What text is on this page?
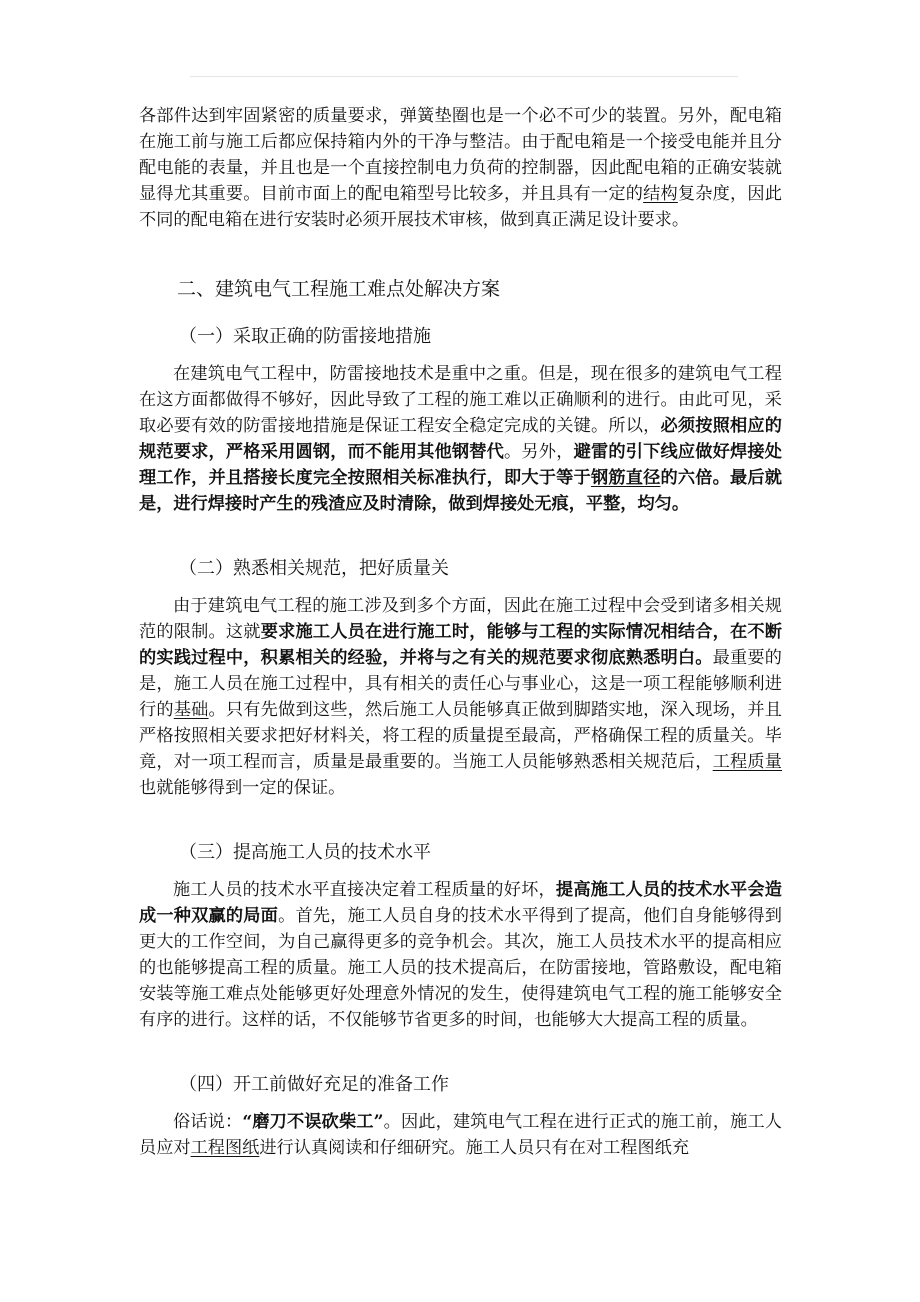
各部件达到牢固紧密的质量要求，弹簧垫圈也是一个必不可少的装置。另外，配电箱在施工前与施工后都应保持箱内外的干净与整洁。由于配电箱是一个接受电能并且分配电能的表量，并且也是一个直接控制电力负荷的控制器，因此配电箱的正确安装就显得尤其重要。目前市面上的配电箱型号比较多，并且具有一定的结构复杂度，因此不同的配电箱在进行安装时必须开展技术审核，做到真正满足设计要求。

二、建筑电气工程施工难点处解决方案

（一）采取正确的防雷接地措施

在建筑电气工程中，防雷接地技术是重中之重。但是，现在很多的建筑电气工程在这方面都做得不够好，因此导致了工程的施工难以正确顺利的进行。由此可见，采取必要有效的防雷接地措施是保证工程安全稳定完成的关键。所以，必须按照相应的规范要求，严格采用圆钢，而不能用其他钢替代。另外，避雷的引下线应做好焊接处理工作，并且搭接长度完全按照相关标准执行，即大于等于钢筋直径的六倍。最后就是，进行焊接时产生的残渣应及时清除，做到焊接处无痕，平整，均匀。

（二）熟悉相关规范，把好质量关

由于建筑电气工程的施工涉及到多个方面，因此在施工过程中会受到诸多相关规范的限制。这就要求施工人员在进行施工时，能够与工程的实际情况相结合，在不断的实践过程中，积累相关的经验，并将与之有关的规范要求彻底熟悉明白。最重要的是，施工人员在施工过程中，具有相关的责任心与事业心，这是一项工程能够顺利进行的基础。只有先做到这些，然后施工人员能够真正做到脚踏实地，深入现场，并且严格按照相关要求把好材料关，将工程的质量提至最高，严格确保工程的质量关。毕竟，对一项工程而言，质量是最重要的。当施工人员能够熟悉相关规范后，工程质量也就能够得到一定的保证。

（三）提高施工人员的技术水平

施工人员的技术水平直接决定着工程质量的好坏，提高施工人员的技术水平会造成一种双赢的局面。首先，施工人员自身的技术水平得到了提高，他们自身能够得到更大的工作空间，为自己赢得更多的竞争机会。其次，施工人员技术水平的提高相应的也能够提高工程的质量。施工人员的技术提高后，在防雷接地，管路敷设，配电箱安装等施工难点处能够更好处理意外情况的发生，使得建筑电气工程的施工能够安全有序的进行。这样的话，不仅能够节省更多的时间，也能够大大提高工程的质量。

（四）开工前做好充足的准备工作

俗话说：“磨刀不误砍柴工”。因此，建筑电气工程在进行正式的施工前，施工人员应对工程图纸进行认真阅读和仔细研究。施工人员只有在对工程图纸充
